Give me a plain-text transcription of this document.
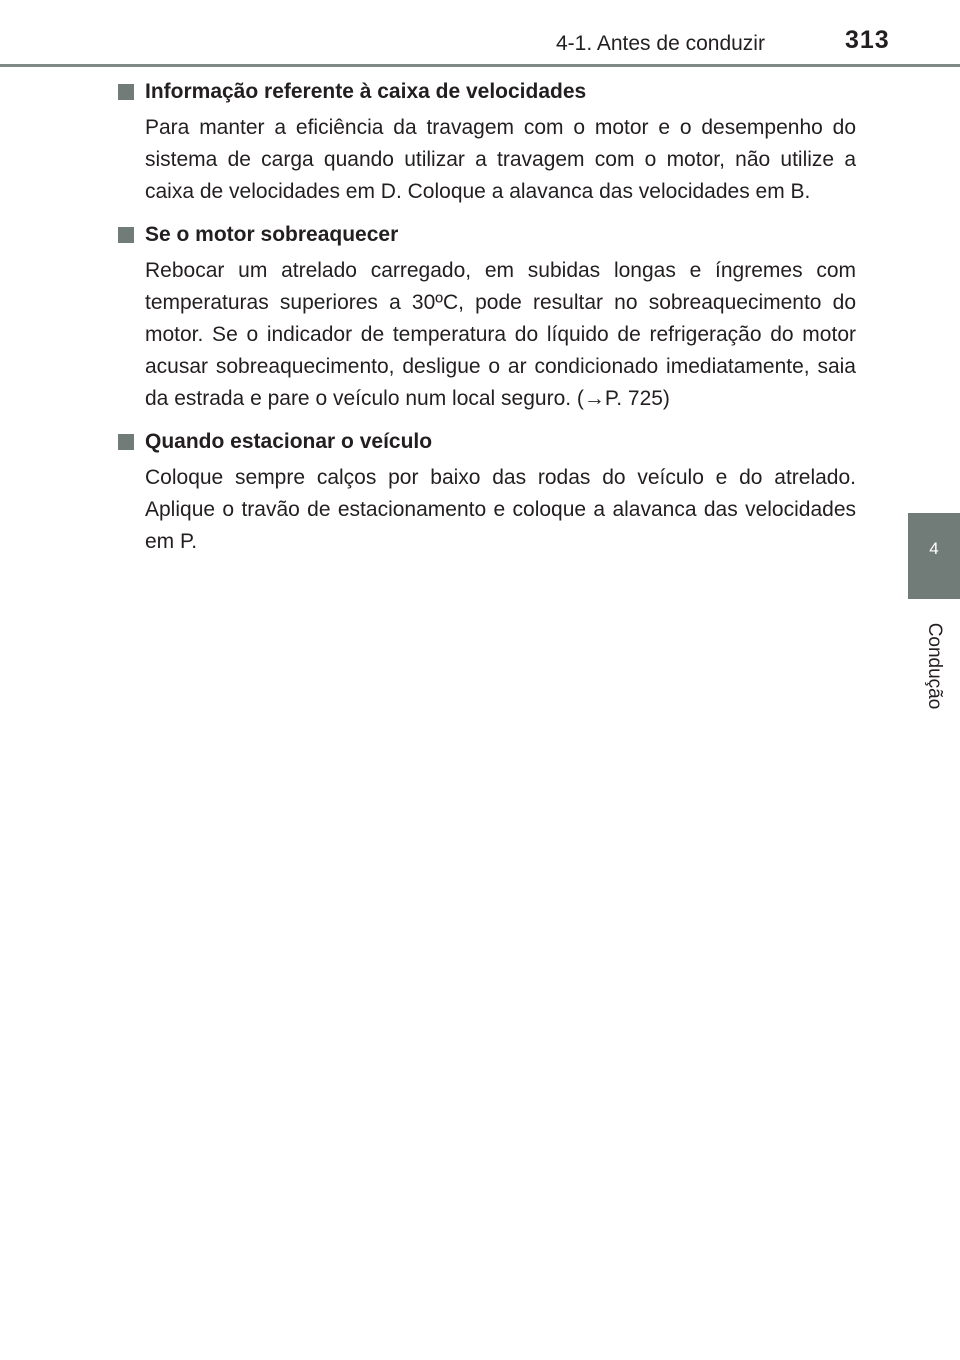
4-1. Antes de conduzir	313
4
Condução
Informação referente à caixa de velocidades

Para manter a eficiência da travagem com o motor e o desempenho do sistema de carga quando utilizar a travagem com o motor, não utilize a caixa de velocidades em D. Coloque a alavanca das velocidades em B.

Se o motor sobreaquecer

Rebocar um atrelado carregado, em subidas longas e íngremes com temperaturas superiores a 30ºC, pode resultar no sobreaquecimento do motor. Se o indicador de temperatura do líquido de refrigeração do motor acusar sobreaquecimento, desligue o ar condicionado imediatamente, saia da estrada e pare o veículo num local seguro. (→P. 725)

Quando estacionar o veículo

Coloque sempre calços por baixo das rodas do veículo e do atrelado. Aplique o travão de estacionamento e coloque a alavanca das velocidades em P.
